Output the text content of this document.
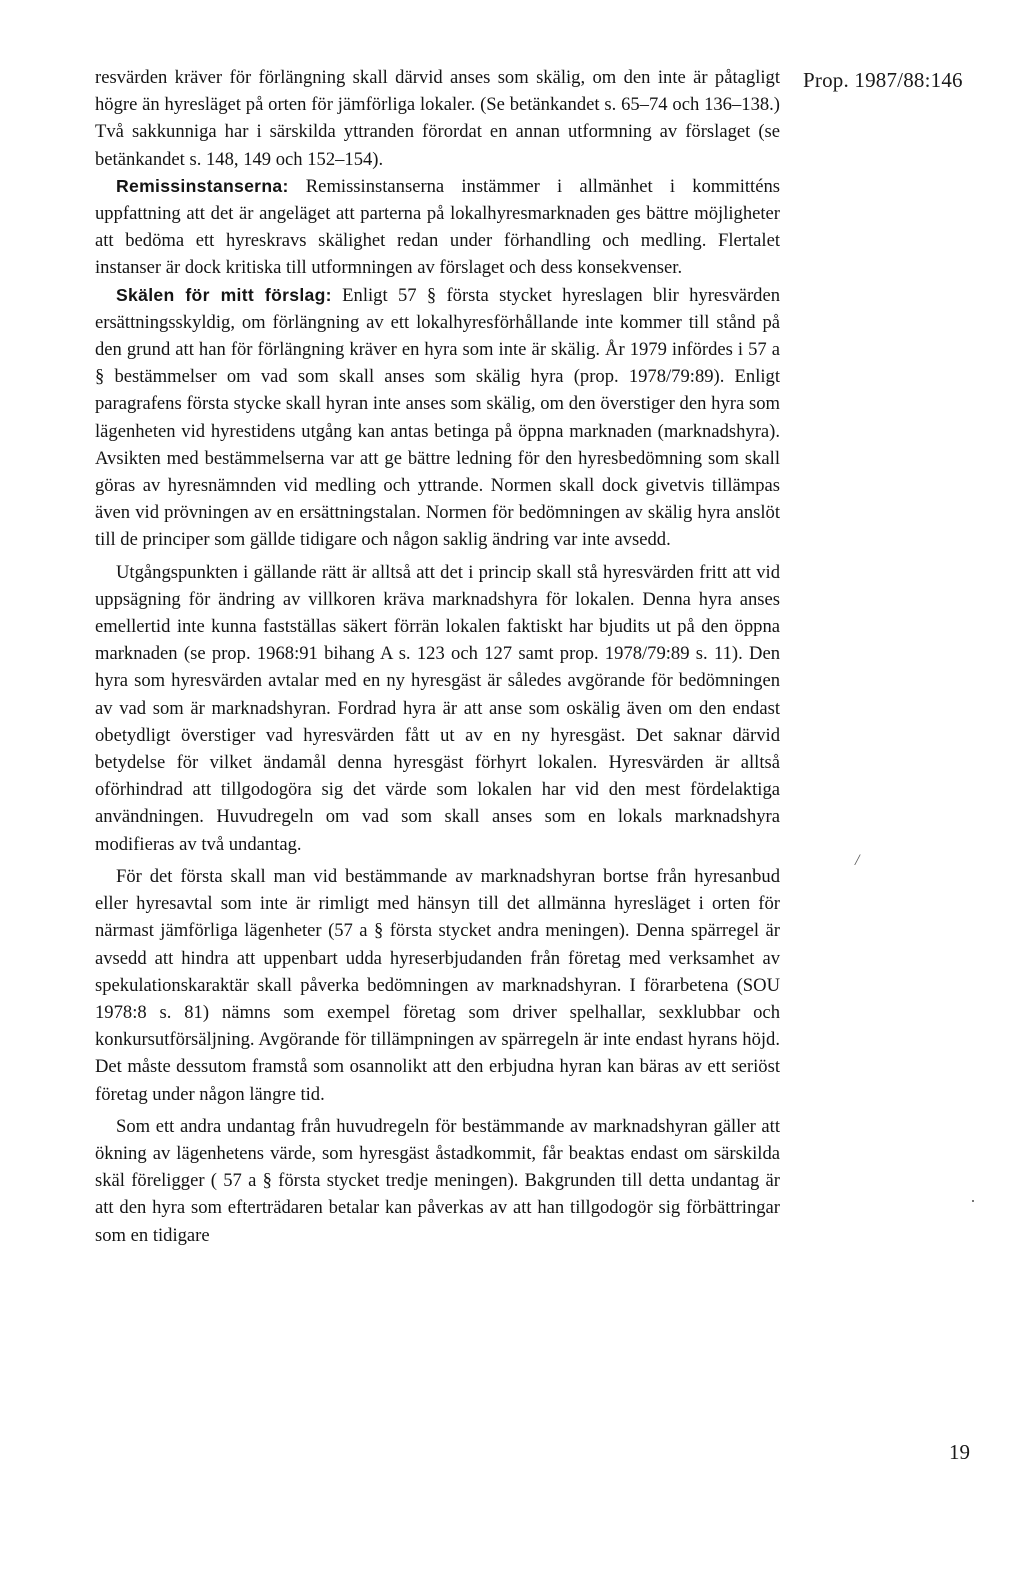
Prop. 1987/88:146

resvärden kräver för förlängning skall därvid anses som skälig, om den inte är påtagligt högre än hyresläget på orten för jämförliga lokaler. (Se betänkandet s. 65–74 och 136–138.) Två sakkunniga har i särskilda yttranden förordat en annan utformning av förslaget (se betänkandet s. 148, 149 och 152–154).

Remissinstanserna: Remissinstanserna instämmer i allmänhet i kommitténs uppfattning att det är angeläget att parterna på lokalhyresmarknaden ges bättre möjligheter att bedöma ett hyreskravs skälighet redan under förhandling och medling. Flertalet instanser är dock kritiska till utformningen av förslaget och dess konsekvenser.

Skälen för mitt förslag: Enligt 57 § första stycket hyreslagen blir hyresvärden ersättningsskyldig, om förlängning av ett lokalhyresförhållande inte kommer till stånd på den grund att han för förlängning kräver en hyra som inte är skälig. År 1979 infördes i 57 a § bestämmelser om vad som skall anses som skälig hyra (prop. 1978/79:89). Enligt paragrafens första stycke skall hyran inte anses som skälig, om den överstiger den hyra som lägenheten vid hyrestidens utgång kan antas betinga på öppna marknaden (marknadshyra). Avsikten med bestämmelserna var att ge bättre ledning för den hyresbedömning som skall göras av hyresnämnden vid medling och yttrande. Normen skall dock givetvis tillämpas även vid prövningen av en ersättningstalan. Normen för bedömningen av skälig hyra anslöt till de principer som gällde tidigare och någon saklig ändring var inte avsedd.

Utgångspunkten i gällande rätt är alltså att det i princip skall stå hyresvärden fritt att vid uppsägning för ändring av villkoren kräva marknadshyra för lokalen. Denna hyra anses emellertid inte kunna fastställas säkert förrän lokalen faktiskt har bjudits ut på den öppna marknaden (se prop. 1968:91 bihang A s. 123 och 127 samt prop. 1978/79:89 s. 11). Den hyra som hyresvärden avtalar med en ny hyresgäst är således avgörande för bedömningen av vad som är marknadshyran. Fordrad hyra är att anse som oskälig även om den endast obetydligt överstiger vad hyresvärden fått ut av en ny hyresgäst. Det saknar därvid betydelse för vilket ändamål denna hyresgäst förhyrt lokalen. Hyresvärden är alltså oförhindrad att tillgodogöra sig det värde som lokalen har vid den mest fördelaktiga användningen. Huvudregeln om vad som skall anses som en lokals marknadshyra modifieras av två undantag.

För det första skall man vid bestämmande av marknadshyran bortse från hyresanbud eller hyresavtal som inte är rimligt med hänsyn till det allmänna hyresläget i orten för närmast jämförliga lägenheter (57 a § första stycket andra meningen). Denna spärregel är avsedd att hindra att uppenbart udda hyreserbjudanden från företag med verksamhet av spekulationskaraktär skall påverka bedömningen av marknadshyran. I förarbetena (SOU 1978:8 s. 81) nämns som exempel företag som driver spelhallar, sexklubbar och konkursutförsäljning. Avgörande för tillämpningen av spärregeln är inte endast hyrans höjd. Det måste dessutom framstå som osannolikt att den erbjudna hyran kan bäras av ett seriöst företag under någon längre tid.

Som ett andra undantag från huvudregeln för bestämmande av marknadshyran gäller att ökning av lägenhetens värde, som hyresgäst åstadkommit, får beaktas endast om särskilda skäl föreligger ( 57 a § första stycket tredje meningen). Bakgrunden till detta undantag är att den hyra som efterträdaren betalar kan påverkas av att han tillgodogör sig förbättringar som en tidigare

/
19
